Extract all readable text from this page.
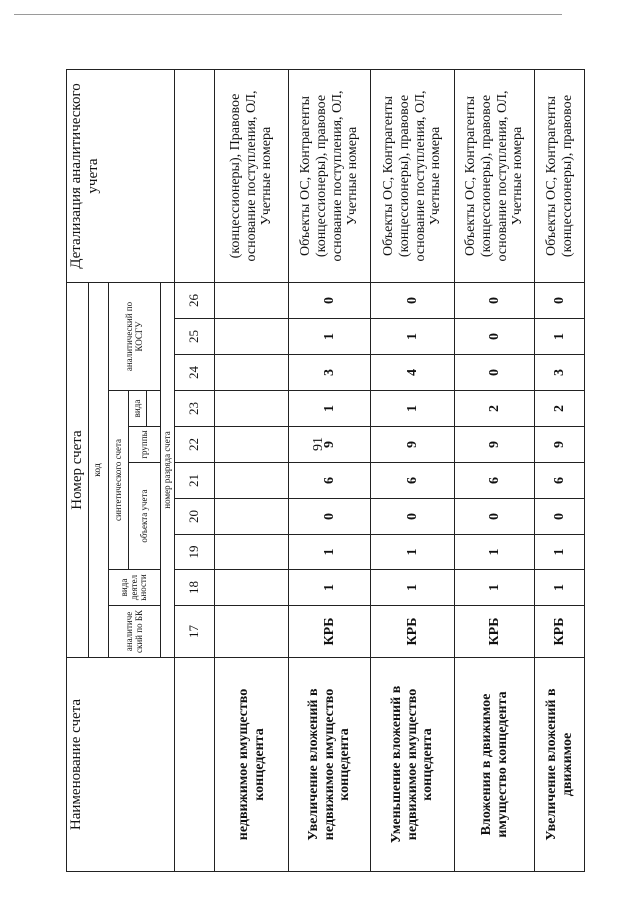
91
Наименование счета	Номер счета										Детализация аналитического учета
	код										
	аналитиче ский по БК	вида деятел ьности	синтетического счета					аналитический по КОСГУ			
			объекта учета			группы	вида				

	номер разряда счета										
	17	18	19	20	21	22	23	24	25	26	
недвижимое имущество концедента											(концессионеры), Правовое основание поступления, ОЛ, Учетные номера
Увеличение вложений в недвижимое имущество концедента	КРБ	1	1	0	6	9	1	3	1	0	Объекты ОС, Контрагенты (концессионеры), правовое основание поступления, ОЛ, Учетные номера
Уменьшение вложений в недвижимое имущество концедента	КРБ	1	1	0	6	9	1	4	1	0	Объекты ОС, Контрагенты (концессионеры), правовое основание поступления, ОЛ, Учетные номера
Вложения в движимое имущество концедента	КРБ	1	1	0	6	9	2	0	0	0	Объекты ОС, Контрагенты (концессионеры), правовое основание поступления, ОЛ, Учетные номера
Увеличение вложений в движимое	КРБ	1	1	0	6	9	2	3	1	0	Объекты ОС, Контрагенты (концессионеры), правовое
